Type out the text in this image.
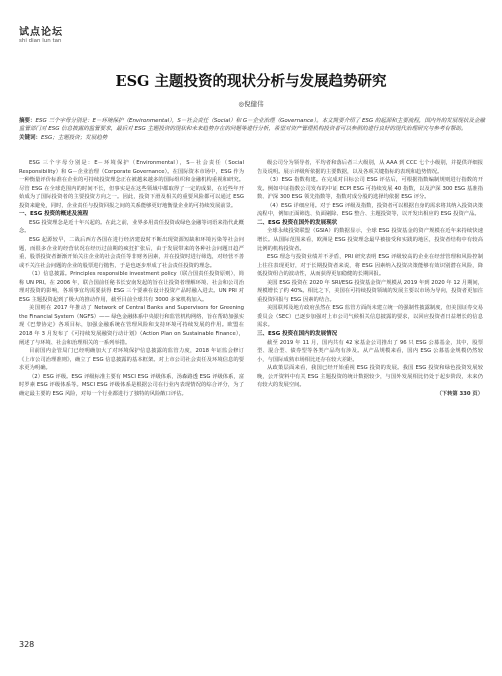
试点论坛
shi dian lun tan
ESG 主题投资的现状分析与发展趋势研究
◎倪健伟
摘要：ESG 三个字母分别是：E－环境保护（Environmental），S－社会责任（Social）和 G－企业治理（Governance）。本文简要介绍了 ESG 的起源和主要流程，国内外的发展现状及金融监管部门对 ESG 信息披露的监管要求，最后对 ESG 主题投资的现状和未来趋势存在的问题等进行分析，希望对资产管理机构投资者可以参照的进行良好的现代治理研究与参考有帮助。
关键词：ESG；主题投资；发展趋势

ESG 三个字母分别是：E－环境保护（Environmental），S－社会责任（Social Responsibility）和 G－企业治理（Corporate Governance）。在国际资本市场中，ESG 作为一种衡量评价标准在企业的可持续投资理念正在被越来越多的国际组织和金融机构重视和研究。尽管 ESG 在全球范围内的时间不长，但事实是在这些领域中都取得了一定的成果，在近些年开始成为了国际投资者的主要投资方向之一。因此，投资下滑及相关的重要风险都可以通过 ESG 投资来避免，同时，企业责任与投资回报之间的关系能够更好地衡量企业的可持续发展前景。

一、ESG 投资的概述及流程

ESG 投资理念是近十年兴起的。在此之前，业界多用责任投资或绿色金融等词语来指代此概念。

ESG 起源较早，二战后西方各国在进行经济建设时不断出现资源短缺和环境污染等社会问题，而很多企业的经营状况在经历过前期的疯狂扩张后，由于发展带来的各种社会问题日趋严重，股票投资者渐渐开始关注企业的社会责任等非财务因素，并在投资时进行筛选，对经营不善或不关注社会问题的企业的股票进行抛售，于是也逐步形成了社会责任投资的理念。

（1）信息披露。Principles responsible investment policy（联合国责任投资原则），简称 UN PRI。在 2006 年，联合国前任秘书长安南发起的旨在让投资者理解环境、社会和公司治理对投资的影响，各项事宜均需要获得 ESG 三个要素在设计投资产品时融入进去。UN PRI 对 ESG 主题投资起到了极大的推动作用，截至目前全球共有 3000 多家机构加入。

美国则在 2017 年推动了 Network of Central Banks and Supervisors for Greening the Financial System（NGFS）—— 绿色金融体系中央银行和监管机构网络，旨在帮助加强实现《巴黎协定》各项目标，加强金融系统在管理风险和支持环境可持续发展的作用。欧盟在 2018 年 3 月发布了《可持续发展融资行动计划》（Action Plan on Sustainable Finance），阐述了与环境、社会和治理相关的一系列举措。

目前国内金管局门已经明确加大了对环境保护信息披露的监管力度，2018 年证监会修订《上市公司治理准则》，确立了 ESG 信息披露的基本框架。对上市公司社会责任及环境信息的要求更为明确。

（2）ESG 评级。ESG 评级标准主要有 MSCI ESG 评级体系，汤森路透 ESG 评级体系，富时罗素 ESG 评级体系等。MSCI ESG 评级体系是根据公司在行业内表现情况的综合评分，为了确定最主要的 ESG 风险，对每一个行业都进行了独特的风险敞口评估。

级公司分为领导者，平均者和落后者三大级别，从 AAA 到 CCC 七个小级别，并提供详细报告及说明。展示评级所依据的主要数据，以及各项关键指标的表现和趋势情况。

（3）ESG 指数构建。在完成对目标公司 ESG 评估后，可根据指数编制规则进行指数的开发。例如中证指数公司发布的中证 ECPI ESG 可持续发展 40 指数，以及沪深 300 ESG 基准指数、沪深 300 ESG 领先指数等，指数对成分股的选择均依据 ESG 评分。

（4）ESG 详细应用。对于 ESG 评级及指数，投资者可以根据自身的需求将其纳入投资决策流程中，例如正面筛选、负面剔除、ESG 整合、主题投资等，以开发出相应的 ESG 投资产品。

二、ESG 投资在国外的发展现状

全球永续投资联盟（GSIA）的数据显示，全球 ESG 投资基金的资产规模在近年来持续快速增长。从国际范围来看，欧洲是 ESG 投资理念最早被接受和实践的地区，投资者结构中有较高比例的机构投资者。

ESG 理念与投资业绩并不矛盾，PRI 研究表明 ESG 评级较高的企业在经营管理和风险控制上往往表现更好，对于长期投资者来说，将 ESG 因素纳入投资决策能够有效识别潜在风险，降低投资组合的波动性，从而获得更加稳健的长期回报。

美国 ESG 投资在 2020 年 SRI/ESG 投资基金资产规模从 2019 年到 2020 年 12 月期间，规模增长了约 40%。相比之下，美国在可持续投资领域的发展主要以市场为导向，投资者更加注重投资回报与 ESG 因素的结合。

美国联邦及地方政府虽然在 ESG 监管方面尚未建立统一的强制性披露制度，但美国证券交易委员会（SEC）已逐步加强对上市公司气候相关信息披露的要求，以回应投资者日益增长的信息需求。

三、ESG 投资在国内的发展情况

截至 2019 年 11 月，国内共有 42 家基金公司推出了 96 只 ESG 公募基金，其中，股票型、混合型、债券型等各类产品均有涉及。从产品规模来看，国内 ESG 公募基金规模仍然较小，与国际成熟市场相比还存在较大差距。

从政策层面来看，我国已经开始重视 ESG 投资的发展。我国 ESG 投资和绿色投资发展较晚，公开资料中有关 ESG 主题投资的统计数据较少，与国外发展相比仍处于起步阶段，未来仍有较大的发展空间。

（下转第 330 页）

328
